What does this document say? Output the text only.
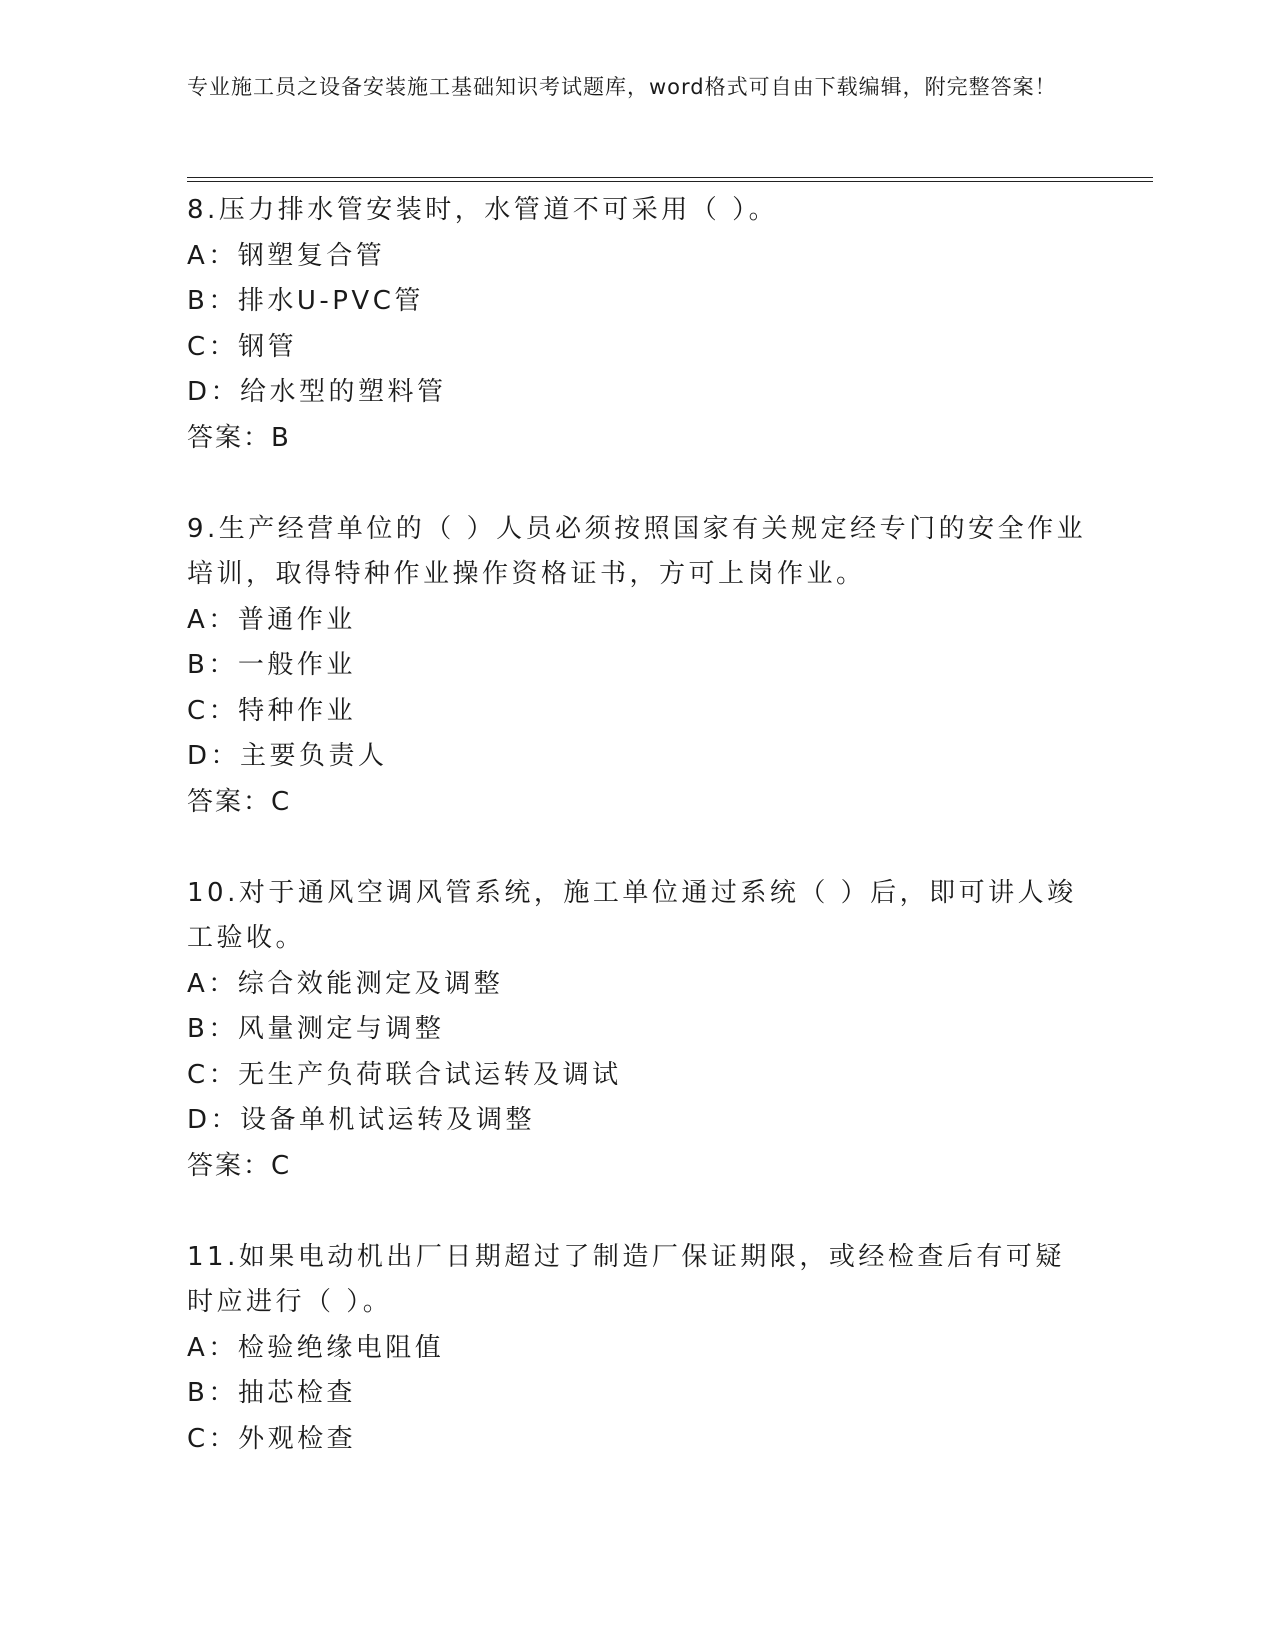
专业施工员之设备安装施工基础知识考试题库，word格式可自由下载编辑，附完整答案！
8.压力排水管安装时，水管道不可采用（ ）。
A：钢塑复合管
B：排水U-PVC管
C：钢管
D：给水型的塑料管
答案：B
9.生产经营单位的（ ）人员必须按照国家有关规定经专门的安全作业培训，取得特种作业操作资格证书，方可上岗作业。
A：普通作业
B：一般作业
C：特种作业
D：主要负责人
答案：C
10.对于通风空调风管系统，施工单位通过系统（ ）后，即可讲人竣工验收。
A：综合效能测定及调整
B：风量测定与调整
C：无生产负荷联合试运转及调试
D：设备单机试运转及调整
答案：C
11.如果电动机出厂日期超过了制造厂保证期限，或经检查后有可疑时应进行（ ）。
A：检验绝缘电阻值
B：抽芯检查
C：外观检查
